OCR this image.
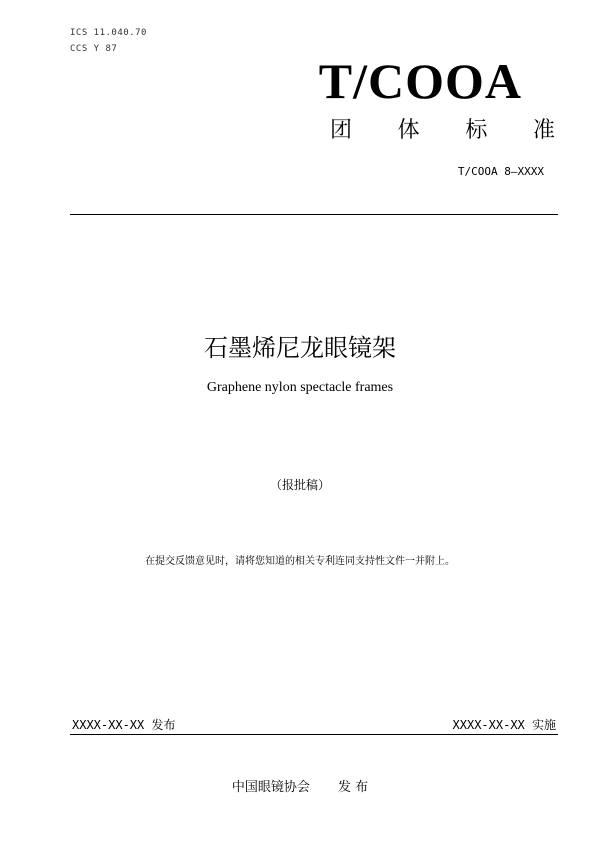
ICS 11.040.70
CCS Y 87
T/COOA
团 体 标 准
T/COOA 8—XXXX
石墨烯尼龙眼镜架
Graphene nylon spectacle frames
（报批稿）
在提交反馈意见时，请将您知道的相关专利连同支持性文件一并附上。
XXXX-XX-XX 发布	XXXX-XX-XX 实施
中国眼镜协会 发 布
